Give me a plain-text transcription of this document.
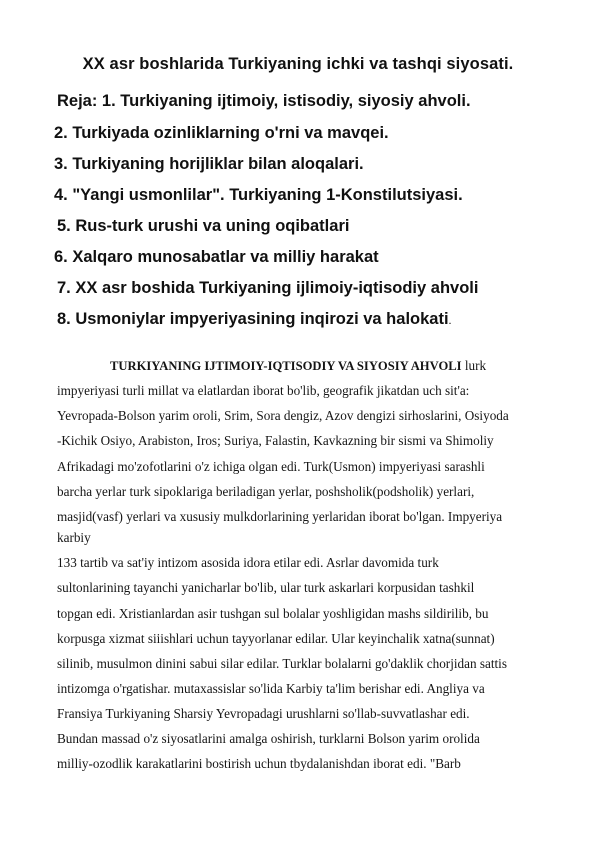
XX asr boshlarida Turkiyaning ichki va tashqi siyosati.
Reja: 1. Turkiyaning ijtimoiy, istisodiy, siyosiy ahvoli.
2. Turkiyada ozinliklarning o'rni va mavqei.
3. Turkiyaning horijliklar bilan aloqalari.
4. "Yangi usmonlilar". Turkiyaning 1-Konstilutsiyasi.
5. Rus-turk urushi va uning oqibatlari
6. Xalqaro munosabatlar va milliy harakat
7. XX asr boshida Turkiyaning ijlimoiy-iqtisodiy ahvoli
8. Usmoniylar impyeriyasining inqirozi va halokati.
TURKIYANING IJTIMOIY-IQTISODIY VA SIYOSIY AHVOLI lurk
impyeriyasi turli millat va elatlardan iborat bo'lib, geografik jikatdan uch sit'a:
Yevropada-Bolson yarim oroli, Srim, Sora dengiz, Azov dengizi sirhoslarini, Osiyoda
-Kichik Osiyo, Arabiston, Iros; Suriya, Falastin, Kavkazning bir sismi va Shimoliy
Afrikadagi mo'zofotlarini o'z ichiga olgan edi. Turk(Usmon) impyeriyasi sarashli
barcha yerlar turk sipoklariga beriladigan yerlar, poshsholik(podsholik) yerlari,
masjid(vasf) yerlari va xususiy mulkdorlarining yerlaridan iborat bo'lgan. Impyeriya
karbiy
133 tartib va sat'iy intizom asosida idora etilar edi. Asrlar davomida turk
sultonlarining tayanchi yanicharlar bo'lib, ular turk askarlari korpusidan tashkil
topgan edi. Xristianlardan asir tushgan sul bolalar yoshligidan mashs sildirilib, bu
korpusga xizmat siiishlari uchun tayyorlanar edilar. Ular keyinchalik xatna(sunnat)
silinib, musulmon dinini sabui silar edilar. Turklar bolalarni go'daklik chorjidan sattis
intizomga o'rgatishar. mutaxassislar so'lida Karbiy ta'lim berishar edi. Angliya va
Fransiya Turkiyaning Sharsiy Yevropadagi urushlarni so'llab-suvvatlashar edi.
Bundan massad o'z siyosatlarini amalga oshirish, turklarni Bolson yarim orolida
milliy-ozodlik karakatlarini bostirish uchun tbydalanishdan iborat edi. "Barb
